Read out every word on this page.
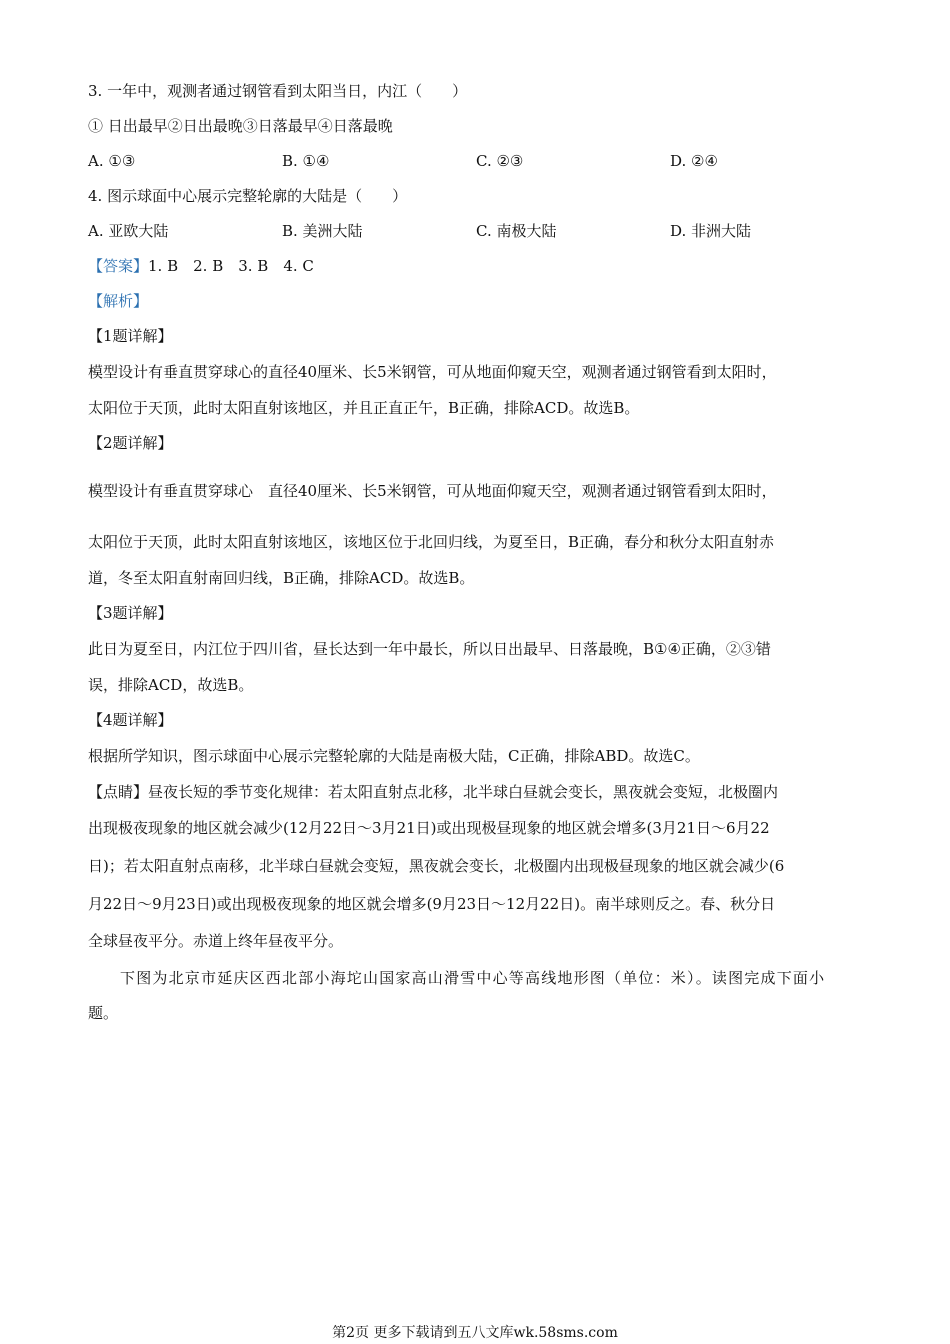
3. 一年中，观测者通过钢管看到太阳当日，内江（　　）
① 日出最早②日出最晚③日落最早④日落最晚
A. ①③	B. ①④	C. ②③	D. ②④
4. 图示球面中心展示完整轮廓的大陆是（　　）
A. 亚欧大陆	B. 美洲大陆	C. 南极大陆	D. 非洲大陆
【答案】1. B　2. B　3. B　4. C
【解析】
【1题详解】
模型设计有垂直贯穿球心的直径40厘米、长5米钢管，可从地面仰窥天空，观测者通过钢管看到太阳时，
太阳位于天顶，此时太阳直射该地区，并且正直正午，B正确，排除ACD。故选B。
【2题详解】
模型设计有垂直贯穿球心　直径40厘米、长5米钢管，可从地面仰窥天空，观测者通过钢管看到太阳时，
太阳位于天顶，此时太阳直射该地区，该地区位于北回归线，为夏至日，B正确，春分和秋分太阳直射赤
道，冬至太阳直射南回归线，B正确，排除ACD。故选B。
【3题详解】
此日为夏至日，内江位于四川省，昼长达到一年中最长，所以日出最早、日落最晚，B①④正确，②③错
误，排除ACD，故选B。
【4题详解】
根据所学知识，图示球面中心展示完整轮廓的大陆是南极大陆，C正确，排除ABD。故选C。
【点睛】昼夜长短的季节变化规律：若太阳直射点北移，北半球白昼就会变长，黑夜就会变短，北极圈内
出现极夜现象的地区就会减少(12月22日～3月21日)或出现极昼现象的地区就会增多(3月21日～6月22
日)；若太阳直射点南移，北半球白昼就会变短，黑夜就会变长，北极圈内出现极昼现象的地区就会减少(6
月22日～9月23日)或出现极夜现象的地区就会增多(9月23日～12月22日)。南半球则反之。春、秋分日
全球昼夜平分。赤道上终年昼夜平分。
下图为北京市延庆区西北部小海坨山国家高山滑雪中心等高线地形图（单位：米）。读图完成下面小
题。
第2页 更多下载请到五八文库wk.58sms.com
